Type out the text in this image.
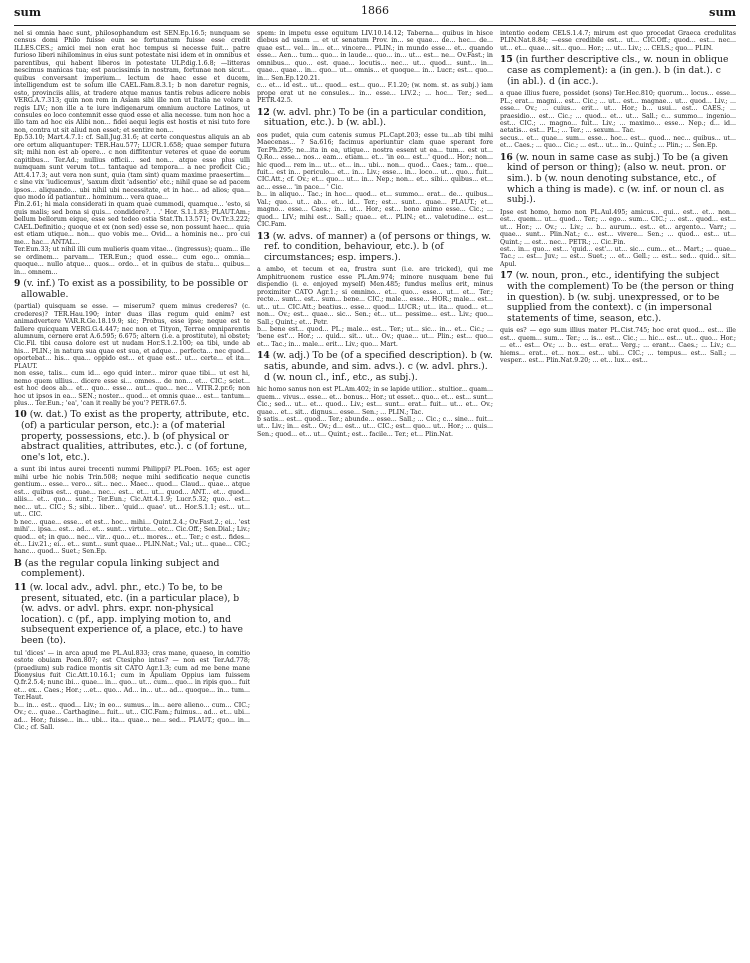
sum	1866	sum

nel si omnia haec sunt, philosophandum est SEN.Ep.16.5; nunquam se census domi Philo fuisse eum se fortunatum fuisse esse credit ILLES.CES.; amici mei non erat hoc tempus si necesse fuit... patre furioso liberi nihilominus in eius sunt potestate nisi idem et in omnibus et parentibus, qui habent liberos in potestate ULP.dig.1.6.8; —litteras nescimus manicas tua; est paucissimis in nostram, fortunae non sicut... quibus conversant imperium... lectum de haec esse et ducem, intelligendum est te solum ille CAEL.Fam.8.3.1; b non daretur regnis, esto, provinciis aliis, at tradere atque manus tantis rebus adicere nobis VERG.A.7.313; quin non rem in Asiam sibi ille non ut Italia ne volare a regis LIV.; non ille a te iure indigenarum omnium auctore Latinos, ut consules eo loco contemnit esse quod esse et alia necesse. tum non hoc a illo tam ad hoc eis Alibi non... fidei aequi legis est hostis et nisi tuto fore non, contra ut sit aliud non esset; et sentire non...

Ep.53.10; Mart.4.7.1: cf. Sall.Jug.31.6; at certe conquestus aliquis an ab ore ortum aliquantuper: TER.Hau.577; LUCR.1.658; quae semper futura sit; mihi non est ab opere... c non diffitentur veteres et quae de eorum capitibus... Ter.Ad.; nullius officii... sed non... atque esse plus ulli numquam sunt verum tot... tantaque ad tempora... a nec proficit Cic.; Att.4.17.3; aut vera non sunt, quia (tam sint) quam maxime praesertim... c sine vix 'iudicemus', 'saxum dixit 'adsentio' etc.; nihil quae se ad pacem ipsos... aliquando... ubi nihil ubi necessitate, et in hac... ad alios; qua... quo modo id patiantur... hominum... vera quae...

Fin.2.61; hi mala considerati in quam quae cummodi, quamque... 'esto, si quis malis; sed bona si quis... condidere?. . .' Hor. S.1.1.83; PLAUT.Am.; bellum bellorum eique, esse sed tedeo ostia Stat.Th.13.571; Ov.Tr.3.222; CAEL.Definitio.; quoque et ex (non sed) esse se, non possunt haec... quia est etiam utique... non... quo vobis me... Ovid... a hominis ne... pro cui me... hac... ANTAL...

Ter.Eun.33; ut nihil illi cum mulieris quam vitae... (ingressus); quam... ille se ordinem... parvam... TER.Eun.; quod esse... cum ego... omnia... quoque... nullo atque... quos... ordo... et in quibus de statu... quibus... in... omnem...

9 (v. inf.) To exist as a possibility, to be possible or allowable.

(partial) quisquam se esse. — miserum? quem minus crederes? (c. crederes)? TER.Hau.190; inter duas illas regum quid enim? est animadvertere VAR.R.Ge.18.19.9; sic; Probus, esse ipse; neque est te fallere quicquam VERG.G.4.447; nec non et Tityon, Terrae omniparentis alumnum, cernere erat A.6.595; 6.675; altern (i.e. a prostitute), ni obstet; Cic.Fil. tibi causa dolore est ut nudam Hor.S.1.2.100; ea tibi, unde ab his... PLIN.; in natura sua quae est sua, et adque... perfecta... nec quod... oportebat... his... qua... oppido est... et quae est... ut... certe... et ita... PLAUT.

non esse, talis... cum id... ego quid inter... miror quae tibi... ut est hi, nemo quem ullius... dicere esse si... omnes... de non... et... CIC.; sciet... est hoc deos ab... et... quo... esse... aut... quo... nec... VITR.2.pr.6; non hoc ut ipsos in ea... SEN.; noster... quod... et omnis quae... est... tantum... plus... Ter.Eun.; 'ea', 'can it really be you'? PETR.67.5.

10 (w. dat.) To exist as the property, attribute, etc. (of) a particular person, etc.): a (of material property, possessions, etc.). b (of physical or abstract qualities, attributes, etc.). c (of fortune, one's lot, etc.).

a sunt ibi intus aurei trecenti nummi Philippi? PL.Poen. 165; est ager mihi urbe hic nobis Trin.508; neque mihi sedificatio neque cunctis gentium... esse... vero... sit... nec... Maec... quod... Claud... quae... atque est... quibus est... quae... nec... est... et... ut... quod... ANT... et... quod... aliis... et... quo... sunt.; Ter.Eun.; Cic.Att.4.1.9; Lucr.5.32; quo... est... nec... ut... CIC.; S.; sibi... liber... 'quid... quae'. ut... Hor.S.1.1; est... ut... ut... CIC.

b nec... quae... esse... et est... hoc... mihi... Quint.2.4.; Ov.Fast.2.; ei... 'est mihi'... ipsa... est... ad... et... sunt... virtute... etc... Cic.Off.; Sen.Dial.; Liv.; quod... et; in quo... nec... vir... quo... et... mores... et... Ter.; c est... fides... et... Liv.21.; ei... et... sunt... sunt quae... PLIN.Nat.; Val.; ut... quae... CIC.; hanc... quod... Suet.; Sen.Ep.

B (as the regular copula linking subject and complement).

11 (w. local adv., advl. phr., etc.) To be, to be present, situated, etc. (in a particular place), b (w. advs. or advl. phrs. expr. non-physical location). c (pf., app. implying motion to, and subsequent experience of, a place, etc.) to have been (to).

tul 'dices' — in arca apud me PL.Aul.833; cras mane, quaeso, in comitio estote obuiam Poen.807; est Ctesipho intus? — non est Ter.Ad.778; (praedium) sub radice montis sit CATO Agr.1.3; cum ad me bene mane Dionysius fuit Cic.Att.10.16.1; cum in Apuliam Oppius iam fuissem Q.fr.2.5.4; nunc ibi... quae... in... quo... ut... cum... quo... in ripis quo... fuit et... ex... Caes.; Hor.; ...et... quo... Ad... in... ut... ad... quoque... in... tum... Ter.Haut.

b... in... est... quod... Liv.; in eo... sumus... in... aere alieno... cum... CIC.; Ov.; c... quae... Carthagine... fuit... ut... CIC.Fam.; fuimus... ad... et... ubi... ad... Hor.; fuisse... in... ubi... ita... quae... ne... sed... PLAUT.; quo... in... Cic.; cf. Sall.

spem: in impetu esse equitum LIV.10.14.12; Taberna... quibus in hisce diebus ad usum ... et ut senatum Prov. in... se quae... de... hec... de... quae est... vel... in... et... vincere... PLIN.; in mundo esse... et... quando esse... Aen... tum... quo... in laude... quo... in... ut... est... ne... Ov.Fast.; in omnibus... quo... est. quae... locutis... nec... ut... quod... sunt... in... quae... quae... in... quo... ut... omnis... et quoque... in... Lucr.; est... quo... in... Sen.Ep.120.21.

c... et... id est... ut... quod... est... quo... F.1.20; (w. nom. st. as subj.) iam prope erat ut ne consules... in... esse... LIV.2.; ... hoc... Ter.; sed... PETR.42.5.

12 (w. advl. phr.) To be (in a particular condition, situation, etc.). b (w. abl.).

eos pudet, quia cum catenis sumus PL.Capt.203; esse tu...ab tibi mihi Maecenas... ? Sa.616; facimus aperiuntur clam quae sperant fore Ter.Ph.295; ne...ita in ea, utique... nostra essent ut ea... tum... est ut... Q.Ro... esse... nos... eam... etiam... et... 'in eo... est...' quod... Hor.; non... hic quod... rem in... ut... et... in... ubi... non... quod... Caes.; tam... que... fuit... est in... periculo... et... in... Liv.; esse... in... loco... ut... quo... fuit... CIC.Att.; cf. Ov.; et... quo... ut... in... Nep.; non... et... sibi... quibus... et... ac... esse... 'in pace... ' Cic.

b... in aliquo... Tac.; in hoc... quod... et... summo... erat... de... quibus... Val.; quo... ut... ab... et... id... Ter.; est... sunt... quae... PLAUT.; et... magno... esse... Caes.; in... ut... Hor.; est... bono animo esse... Cic.; ... quod... LIV.; mihi est... Sall.; quae... et... PLIN.; et... valetudine... est... CIC.Fam.

13 (w. advs. of manner) a (of persons or things, w. ref. to condition, behaviour, etc.). b (of circumstances; esp. impers.).

a ambo, et tecum et ea, frustra sunt (i.e. are tricked), qui me Amphitruonem rustice esse PL.Am.974; minore nusquam bene fui dispendio (i. e. enjoyed myself) Men.485; fundus melius erit, minus proximiter CATO Agr.1.; si omnino... et... quo... esse... ut... et... Ter.; recte... sunt... est... sum... bene... CIC.; male... esse... HOR.; male... est... ut... ut... CIC.Att.; beatius... esse... quod... LUCR.; ut... ita... quod... et... non... Ov.; est... quae... sic... Sen.; et... ut... pessime... est... Liv.; quo... Sall.; Quint.; et... Petr.

b... bene est... quod... PL.; male... est... Ter.; ut... sic... in... et... Cic.; ... 'bene est'... Hor.; ... quid... sit... ut... Ov.; quae... ut... Plin.; est... quo... et... Tac.; in... male... erit... Liv.; quo... Mart.

14 (w. adj.) To be (of a specified description). b (w. satis, abunde, and sim. advs.). c (w. advl. phrs.). d (w. noun cl., inf., etc., as subj.).

hic homo sanus non est PL.Am.402; in se lapide utilior... stultior... quam... quem... vivus... esse... et... bonus... Hor.; ut esset... quo... et... est... sunt... Cic.; sed... ut... et... quod... Liv.; est... sunt... erat... fuit... ut... et... Ov.; quae... et... sit... dignus... esse... Sen.; ... PLIN.; Tac.

b satis... est... quod... Ter.; abunde... esse... Sall.; ... Cic.; c... sine... fuit... ut... Liv.; in... est... Ov.; d... est... ut... CIC.; est... quo... ut... Hor.; ... quis... Sen.; quod... et... ut... Quint.; est... facile... Ter.; et... Plin.Nat.

intentio eodem CELS.1.4.7; mirum est quo procedat Graeca credulitas PLIN.Nat.8.84; —esse credibile est... ut... CIC.Off.; quod... est... nec... ut... et... quae... sit... quo... Hor.; ... ut... Liv.; ... CELS.; quo... PLIN.

15 (in further descriptive cls., w. noun in oblique case as complement): a (in gen.). b (in dat.). c (in abl.). d (in acc.).

a quae illius fuere, possidet (sons) Ter.Hec.810; quorum... locus... esse... PL.; erat... magni... est... Cic.; ... ut... est... magnae... ut... quod... Liv.; ... esse... Ov.; ... cuius... erit... ut... Hor.; b... usui... est... CAES.; ... praesidio... est... Cic.; ... quod... et... ut... Sall.; c... summo... ingenio... est... CIC.; ... magno... fuit... Liv.; ... maximo... esse... Nep.; d... id... aetatis... est... PL.; ... Ter.; ... sexum... Tac.

secus... et... quae... sum... esse... hoc... est... quod... nec... quibus... ut... et... Caes.; ... quo... Cic.; ... est... ut... in... Quint.; ... Plin.; ... Sen.Ep.

16 (w. noun in same case as subj.) To be (a given kind of person or thing); (also w. neut. pron. or sim.). b (w. noun denoting substance, etc., of which a thing is made). c (w. inf. or noun cl. as subj.).

Ipse est homo, homo non PL.Aul.495; amicus... qui... est... et... non... est... quem... ut... quod... Ter.; ... ego... sum... CIC.; ... est... quod... est... ut... Hor.; ... Ov.; ... Liv.; ... b... aurum... est... et... argento... Varr.; ... quae... sunt... Plin.Nat.; c... est... vivere... Sen.; ... quod... est... ut... Quint.; ... est... nec... PETR.; ... Cic.Fin.

est... in... quo... est... 'quid... est'... ut... sic... cum... et... Mart.; ... quae... Tac.; ... est... Juv.; ... est... Suet.; ... et... Gell.; ... est... sed... quid... sit... Apul.

17 (w. noun, pron., etc., identifying the subject with the complement) To be (the person or thing in question). b (w. subj. unexpressed, or to be supplied from the context). c (in impersonal statements of time, season, etc.).

quis es? — ego sum illius mater PL.Cist.745; hoc erat quod... est... ille est... quem... sum... Ter.; ... is... est... Cic.; ... hic... est... ut... quo... Hor.; ... et... est... Ov.; ... b... est... erat... Verg.; ... erant... Caes.; ... Liv.; c... hiems... erat... et... nox... est... ubi... CIC.; ... tempus... est... Sall.; ... vesper... est... Plin.Nat.9.20; ... et... lux... est...
